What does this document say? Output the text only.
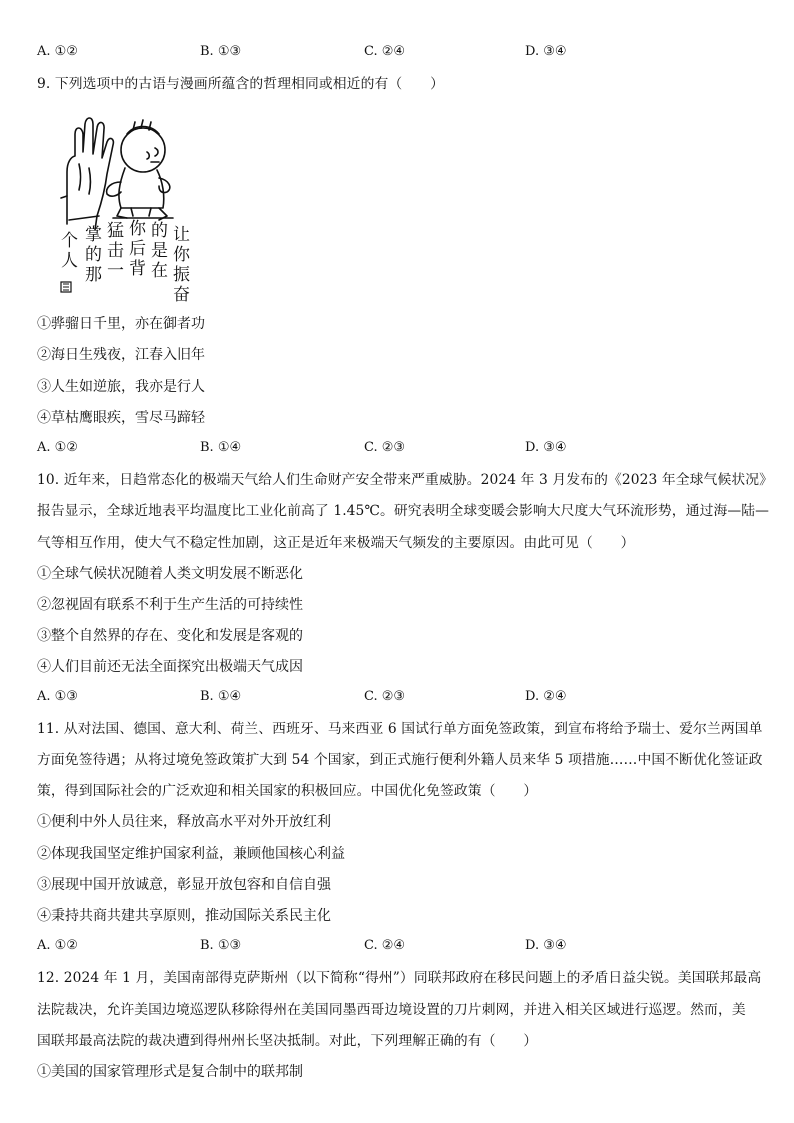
A. ①②	B. ①③	C. ②④	D. ③④
9. 下列选项中的古语与漫画所蕴含的哲理相同或相近的有（　　）
让
你
振
奋
的
是
在
你
后
背
猛
击
一
掌
的
那
个
人
①骅骝日千里，亦在御者功
②海日生残夜，江春入旧年
③人生如逆旅，我亦是行人
④草枯鹰眼疾，雪尽马蹄轻
A. ①②	B. ①④	C. ②③	D. ③④
10. 近年来，日趋常态化的极端天气给人们生命财产安全带来严重威胁。2024 年 3 月发布的《2023 年全球气候状况》
报告显示，全球近地表平均温度比工业化前高了 1.45℃。研究表明全球变暖会影响大尺度大气环流形势，通过海—陆—
气等相互作用，使大气不稳定性加剧，这正是近年来极端天气频发的主要原因。由此可见（　　）
①全球气候状况随着人类文明发展不断恶化
②忽视固有联系不利于生产生活的可持续性
③整个自然界的存在、变化和发展是客观的
④人们目前还无法全面探究出极端天气成因
A. ①③	B. ①④	C. ②③	D. ②④
11. 从对法国、德国、意大利、荷兰、西班牙、马来西亚 6 国试行单方面免签政策，到宣布将给予瑞士、爱尔兰两国单
方面免签待遇；从将过境免签政策扩大到 54 个国家，到正式施行便利外籍人员来华 5 项措施……中国不断优化签证政
策，得到国际社会的广泛欢迎和相关国家的积极回应。中国优化免签政策（　　）
①便利中外人员往来，释放高水平对外开放红利
②体现我国坚定维护国家利益，兼顾他国核心利益
③展现中国开放诚意，彰显开放包容和自信自强
④秉持共商共建共享原则，推动国际关系民主化
A. ①②	B. ①③	C. ②④	D. ③④
12. 2024 年 1 月，美国南部得克萨斯州（以下简称“得州”）同联邦政府在移民问题上的矛盾日益尖锐。美国联邦最高
法院裁决，允许美国边境巡逻队移除得州在美国同墨西哥边境设置的刀片刺网，并进入相关区域进行巡逻。然而，美
国联邦最高法院的裁决遭到得州州长坚决抵制。对此，下列理解正确的有（　　）
①美国的国家管理形式是复合制中的联邦制
